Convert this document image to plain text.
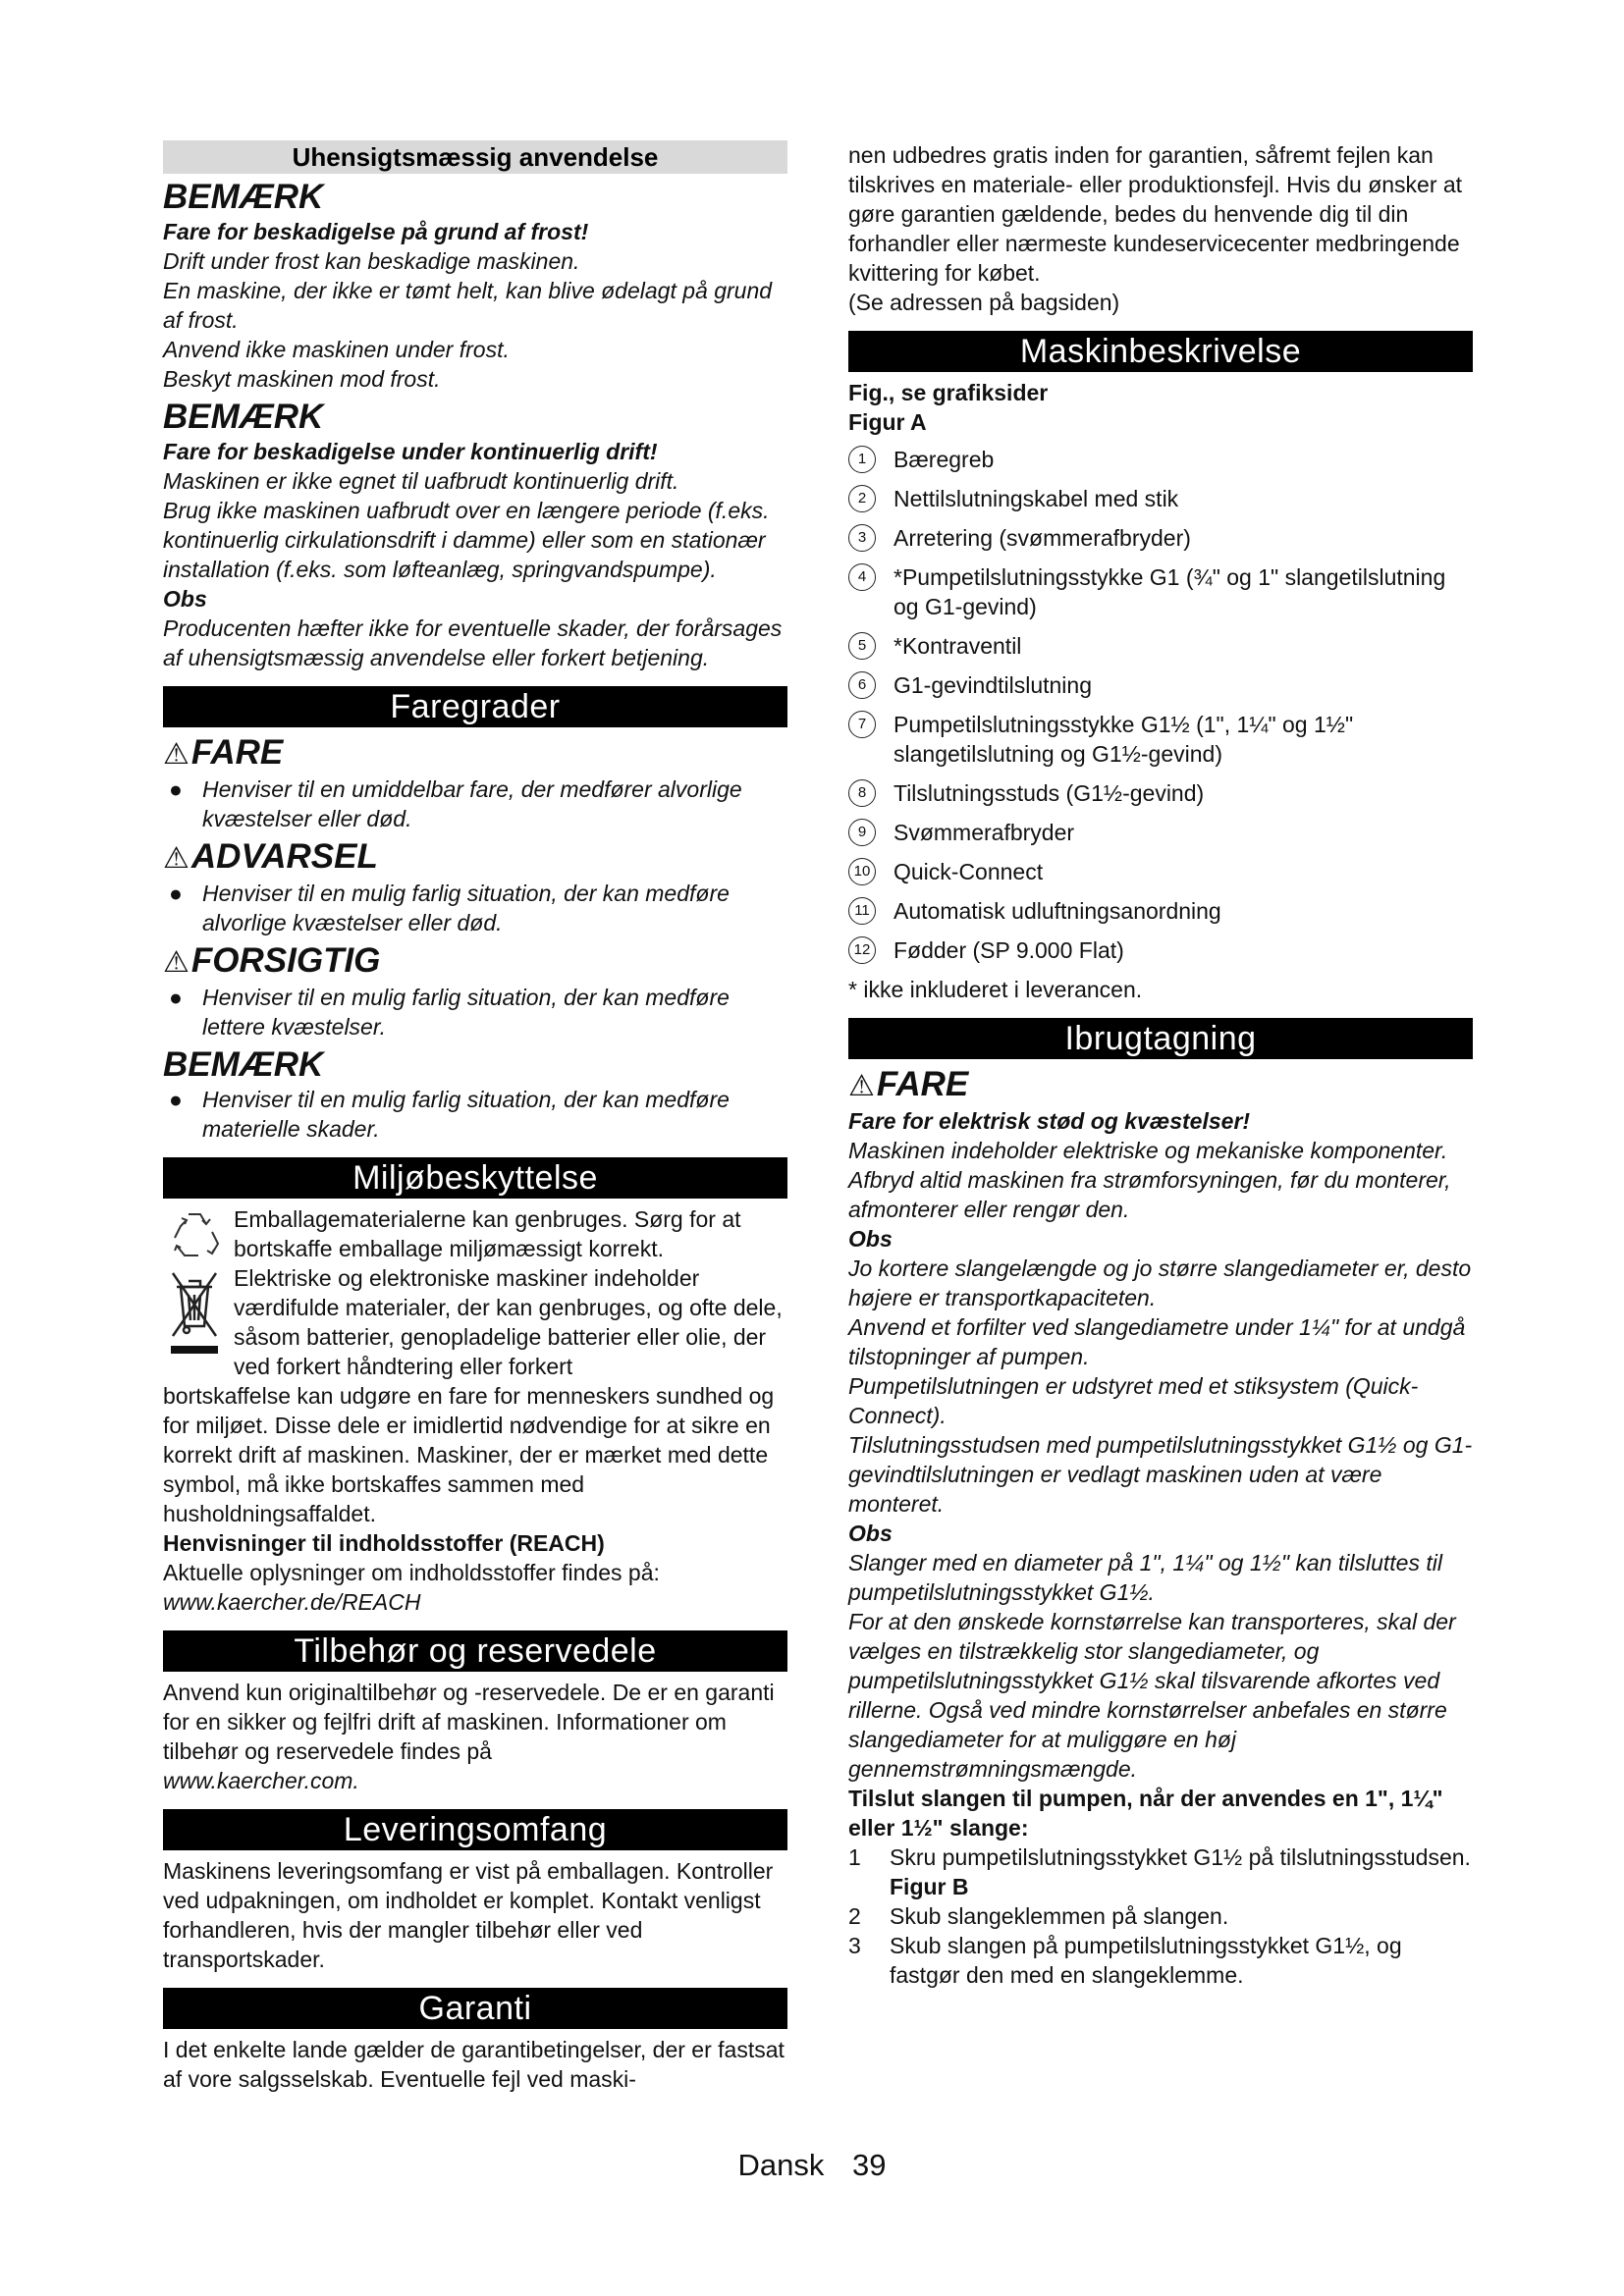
Uhensigtsmæssig anvendelse
BEMÆRK

Fare for beskadigelse på grund af frost!

Drift under frost kan beskadige maskinen.

En maskine, der ikke er tømt helt, kan blive ødelagt på grund af frost.

Anvend ikke maskinen under frost.

Beskyt maskinen mod frost.

BEMÆRK

Fare for beskadigelse under kontinuerlig drift!

Maskinen er ikke egnet til uafbrudt kontinuerlig drift.

Brug ikke maskinen uafbrudt over en længere periode (f.eks. kontinuerlig cirkulationsdrift i damme) eller som en stationær installation (f.eks. som løfteanlæg, springvandspumpe).

Obs

Producenten hæfter ikke for eventuelle skader, der forårsages af uhensigtsmæssig anvendelse eller forkert betjening.

Faregrader
⚠FARE

● Henviser til en umiddelbar fare, der medfører alvorlige kvæstelser eller død.

⚠ADVARSEL

● Henviser til en mulig farlig situation, der kan medføre alvorlige kvæstelser eller død.

⚠FORSIGTIG

● Henviser til en mulig farlig situation, der kan medføre lettere kvæstelser.

BEMÆRK

● Henviser til en mulig farlig situation, der kan medføre materielle skader.

Miljøbeskyttelse

Emballagematerialerne kan genbruges. Sørg for at bortskaffe emballage miljømæssigt korrekt.

Elektriske og elektroniske maskiner indeholder værdifulde materialer, der kan genbruges, og ofte dele, såsom batterier, genopladelige batterier eller olie, der ved forkert håndtering eller forkert

bortskaffelse kan udgøre en fare for menneskers sundhed og for miljøet. Disse dele er imidlertid nødvendige for at sikre en korrekt drift af maskinen. Maskiner, der er mærket med dette symbol, må ikke bortskaffes sammen med husholdningsaffaldet.

Henvisninger til indholdsstoffer (REACH)

Aktuelle oplysninger om indholdsstoffer findes på:

www.kaercher.de/REACH

Tilbehør og reservedele

Anvend kun originaltilbehør og -reservedele. De er en garanti for en sikker og fejlfri drift af maskinen. Informationer om tilbehør og reservedele findes på

www.kaercher.com.

Leveringsomfang

Maskinens leveringsomfang er vist på emballagen. Kontroller ved udpakningen, om indholdet er komplet. Kontakt venligst forhandleren, hvis der mangler tilbehør eller ved transportskader.

Garanti

I det enkelte lande gælder de garantibetingelser, der er fastsat af vore salgsselskab. Eventuelle fejl ved maski-

nen udbedres gratis inden for garantien, såfremt fejlen kan tilskrives en materiale- eller produktionsfejl. Hvis du ønsker at gøre garantien gældende, bedes du henvende dig til din forhandler eller nærmeste kundeservicecenter medbringende kvittering for købet.

(Se adressen på bagsiden)

Maskinbeskrivelse

Fig., se grafiksider

Figur A

1	Bæregreb
2	Nettilslutningskabel med stik
3	Arretering (svømmerafbryder)
4	*Pumpetilslutningsstykke G1 (¾" og 1" slangetilslutning og G1-gevind)
5	*Kontraventil
6	G1-gevindtilslutning
7	Pumpetilslutningsstykke G1½ (1", 1¼" og 1½" slangetilslutning og G1½-gevind)
8	Tilslutningsstuds (G1½-gevind)
9	Svømmerafbryder
10 Quick-Connect
11 Automatisk udluftningsanordning
12 Fødder (SP 9.000 Flat)

* ikke inkluderet i leverancen.

Ibrugtagning
⚠FARE

Fare for elektrisk stød og kvæstelser!

Maskinen indeholder elektriske og mekaniske komponenter.

Afbryd altid maskinen fra strømforsyningen, før du monterer, afmonterer eller rengør den.

Obs

Jo kortere slangelængde og jo større slangediameter er, desto højere er transportkapaciteten.

Anvend et forfilter ved slangediametre under 1¼" for at undgå tilstopninger af pumpen.

Pumpetilslutningen er udstyret med et stiksystem (Quick-Connect).

Tilslutningsstudsen med pumpetilslutningsstykket G1½ og G1-gevindtilslutningen er vedlagt maskinen uden at være monteret.

Obs

Slanger med en diameter på 1", 1¼" og 1½" kan tilsluttes til pumpetilslutningsstykket G1½.

For at den ønskede kornstørrelse kan transporteres, skal der vælges en tilstrækkelig stor slangediameter, og pumpetilslutningsstykket G1½ skal tilsvarende afkortes ved rillerne. Også ved mindre kornstørrelser anbefales en større slangediameter for at muliggøre en høj gennemstrømningsmængde.

Tilslut slangen til pumpen, når der anvendes en 1", 1¼" eller 1½" slange:

1 Skru pumpetilslutningsstykket G1½ på tilslutningsstudsen.

Figur B

2 Skub slangeklemmen på slangen.
3 Skub slangen på pumpetilslutningsstykket G1½, og fastgør den med en slangeklemme.
Dansk 39
